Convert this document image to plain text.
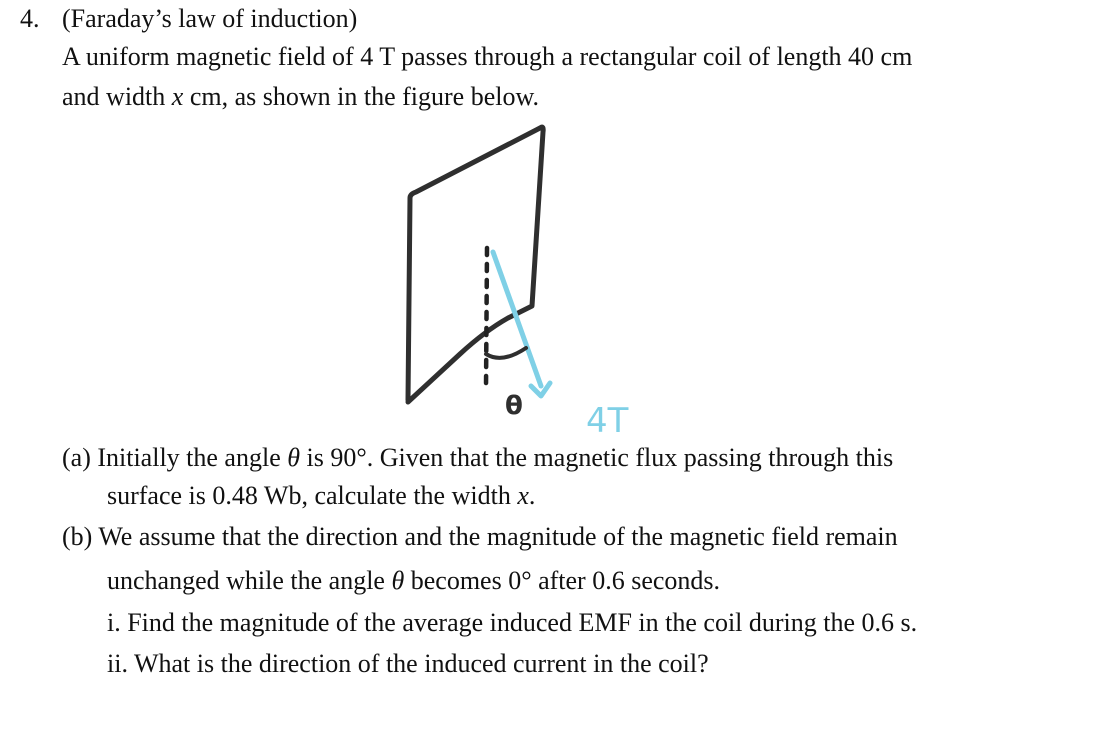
4. (Faraday’s law of induction)
A uniform magnetic field of 4 T passes through a rectangular coil of length 40 cm
and width x cm, as shown in the figure below.
θ 4T
(a) Initially the angle θ is 90°. Given that the magnetic flux passing through this
surface is 0.48 Wb, calculate the width x.
(b) We assume that the direction and the magnitude of the magnetic field remain
unchanged while the angle θ becomes 0° after 0.6 seconds.
i. Find the magnitude of the average induced EMF in the coil during the 0.6 s.
ii. What is the direction of the induced current in the coil?
